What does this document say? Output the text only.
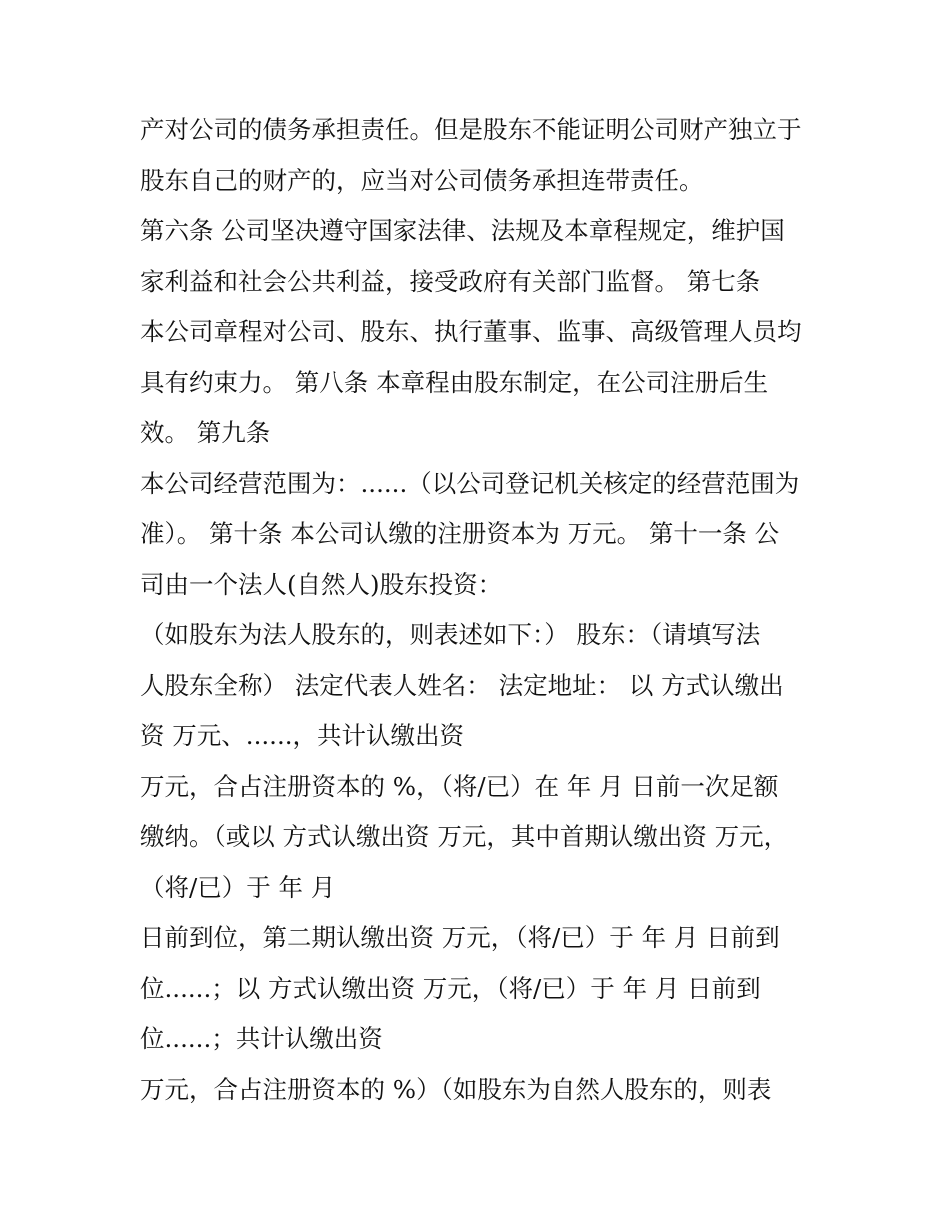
产对公司的债务承担责任。但是股东不能证明公司财产独立于
股东自己的财产的，应当对公司债务承担连带责任。
第六条 公司坚决遵守国家法律、法规及本章程规定，维护国
家利益和社会公共利益，接受政府有关部门监督。 第七条
本公司章程对公司、股东、执行董事、监事、高级管理人员均
具有约束力。 第八条 本章程由股东制定，在公司注册后生
效。 第九条
本公司经营范围为：......（以公司登记机关核定的经营范围为
准）。 第十条 本公司认缴的注册资本为 万元。 第十一条 公
司由一个法人(自然人)股东投资：
（如股东为法人股东的，则表述如下：） 股东：（请填写法
人股东全称） 法定代表人姓名： 法定地址： 以 方式认缴出
资 万元、......，共计认缴出资
万元，合占注册资本的 %，（将/已）在 年 月 日前一次足额
缴纳。（或以 方式认缴出资 万元，其中首期认缴出资 万元，
（将/已）于 年 月
日前到位，第二期认缴出资 万元，（将/已）于 年 月 日前到
位......；以 方式认缴出资 万元，（将/已）于 年 月 日前到
位......；共计认缴出资
万元，合占注册资本的 %）（如股东为自然人股东的，则表
